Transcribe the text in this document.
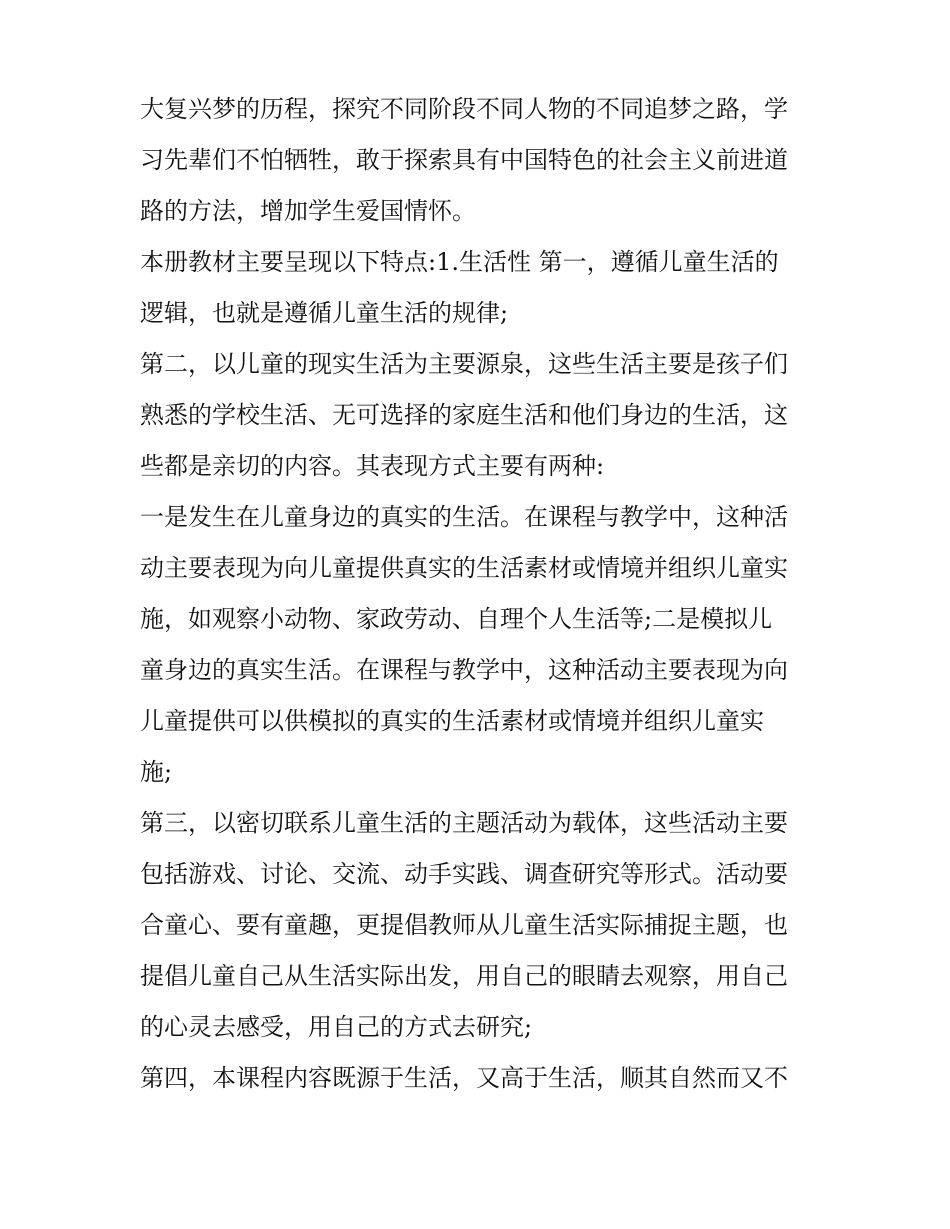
大复兴梦的历程，探究不同阶段不同人物的不同追梦之路，学
习先辈们不怕牺牲，敢于探索具有中国特色的社会主义前进道
路的方法，增加学生爱国情怀。
本册教材主要呈现以下特点:1.生活性 第一，遵循儿童生活的
逻辑，也就是遵循儿童生活的规律;
第二，以儿童的现实生活为主要源泉，这些生活主要是孩子们
熟悉的学校生活、无可选择的家庭生活和他们身边的生活，这
些都是亲切的内容。其表现方式主要有两种:
一是发生在儿童身边的真实的生活。在课程与教学中，这种活
动主要表现为向儿童提供真实的生活素材或情境并组织儿童实
施，如观察小动物、家政劳动、自理个人生活等;二是模拟儿
童身边的真实生活。在课程与教学中，这种活动主要表现为向
儿童提供可以供模拟的真实的生活素材或情境并组织儿童实
施;
第三，以密切联系儿童生活的主题活动为载体，这些活动主要
包括游戏、讨论、交流、动手实践、调查研究等形式。活动要
合童心、要有童趣，更提倡教师从儿童生活实际捕捉主题，也
提倡儿童自己从生活实际出发，用自己的眼睛去观察，用自己
的心灵去感受，用自己的方式去研究;
第四，本课程内容既源于生活，又高于生活，顺其自然而又不
